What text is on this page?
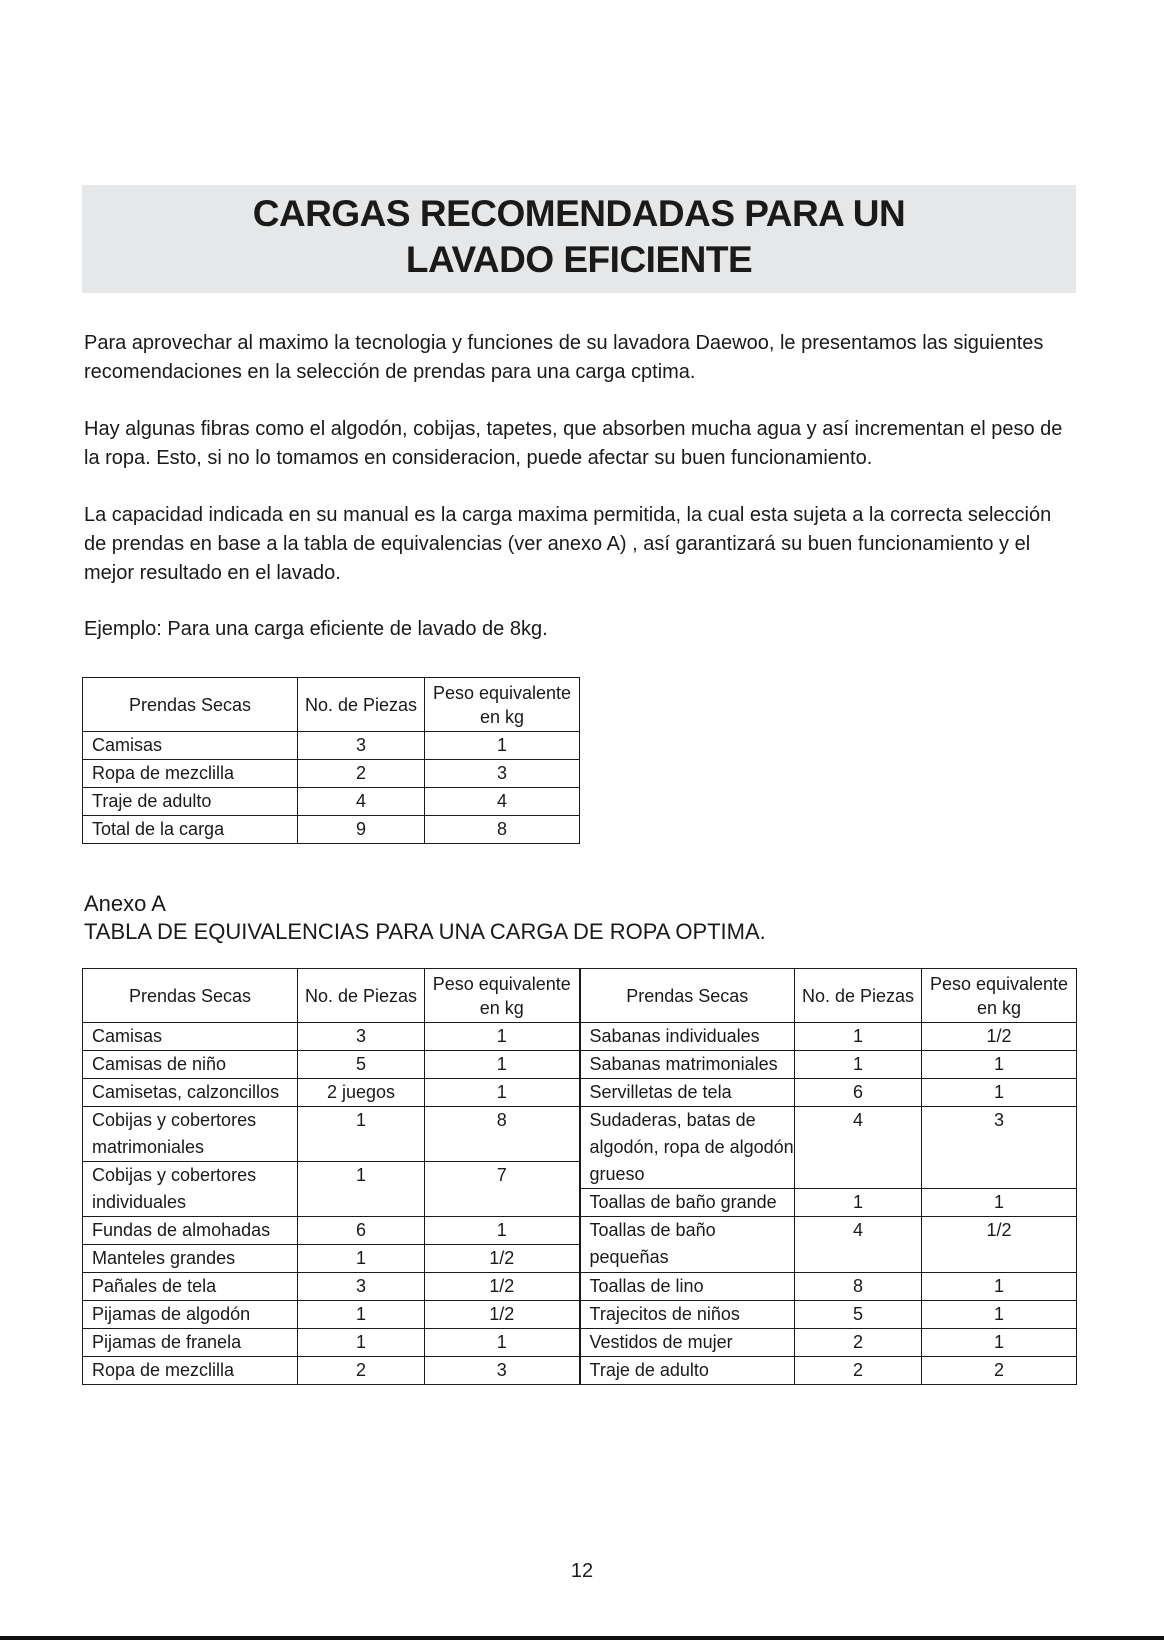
CARGAS RECOMENDADAS PARA UN
LAVADO EFICIENTE

Para aprovechar al maximo la tecnologia y funciones de su lavadora Daewoo, le presentamos las siguientes recomendaciones en la selección de prendas para una carga cptima.

Hay algunas fibras como el algodón, cobijas, tapetes, que absorben mucha agua y así incrementan el peso de la ropa. Esto, si no lo tomamos en consideracion, puede afectar su buen funcionamiento.

La capacidad indicada en su manual es la carga maxima permitida, la cual esta sujeta a la correcta selección de prendas en base a la tabla de equivalencias (ver anexo A) , así garantizará su buen funcionamiento y el mejor resultado en el lavado.

Ejemplo: Para una carga eficiente de lavado de 8kg.

Prendas Secas	No. de Piezas	Peso equivalente en kg
Camisas	3	1
Ropa de mezclilla	2	3
Traje de adulto	4	4
Total de la carga	9	8

Anexo A
TABLA DE EQUIVALENCIAS PARA UNA CARGA DE ROPA OPTIMA.

Prendas Secas	No. de Piezas	Peso equivalente en kg	Prendas Secas	No. de Piezas	Peso equivalente en kg
Camisas	3	1	Sabanas individuales	1	1/2
Camisas de niño	5	1	Sabanas matrimoniales	1	1
Camisetas, calzoncillos	2 juegos	1	Servilletas de tela	6	1
Cobijas y cobertores matrimoniales	1	8	Sudaderas, batas de algodón, ropa de algodón grueso	4	3

Cobijas y cobertores individuales	1	7			
			Toallas de baño grande	1	1
Fundas de almohadas	6	1	Toallas de baño pequeñas	4	1/2
Manteles grandes	1	1/2			
Pañales de tela	3	1/2	Toallas de lino	8	1
Pijamas de algodón	1	1/2	Trajecitos de niños	5	1
Pijamas de franela	1	1	Vestidos de mujer	2	1
Ropa de mezclilla	2	3	Traje de adulto	2	2
12
